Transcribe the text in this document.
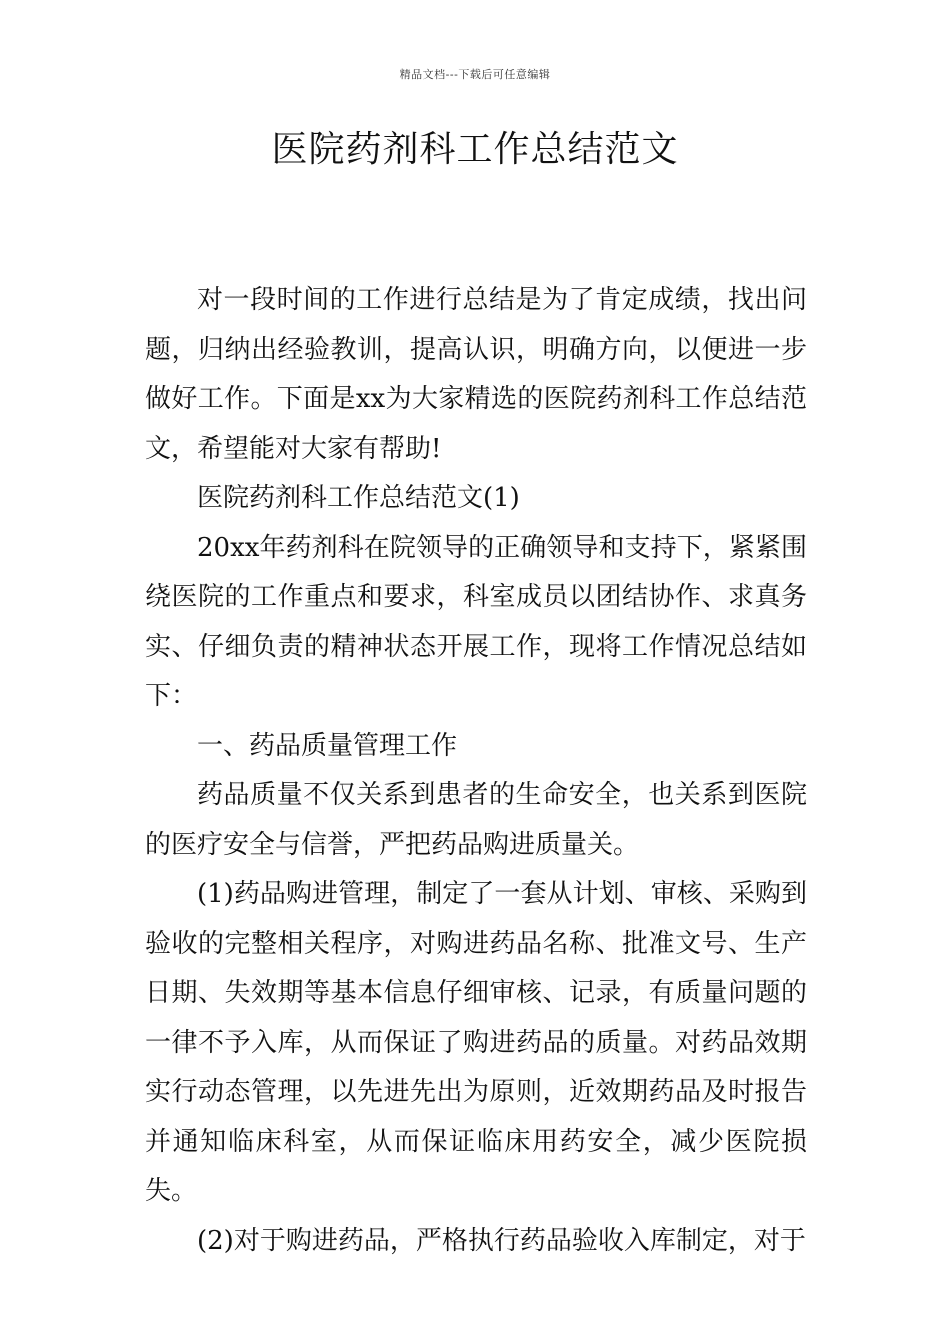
精品文档---下载后可任意编辑
医院药剂科工作总结范文

对一段时间的工作进行总结是为了肯定成绩，找出问题，归纳出经验教训，提高认识，明确方向，以便进一步做好工作。下面是xx为大家精选的医院药剂科工作总结范文，希望能对大家有帮助!

医院药剂科工作总结范文(1)

20xx年药剂科在院领导的正确领导和支持下，紧紧围绕医院的工作重点和要求，科室成员以团结协作、求真务实、仔细负责的精神状态开展工作，现将工作情况总结如下：

一、药品质量管理工作

药品质量不仅关系到患者的生命安全，也关系到医院的医疗安全与信誉，严把药品购进质量关。

(1)药品购进管理，制定了一套从计划、审核、采购到验收的完整相关程序，对购进药品名称、批准文号、生产日期、失效期等基本信息仔细审核、记录，有质量问题的一律不予入库，从而保证了购进药品的质量。对药品效期实行动态管理，以先进先出为原则，近效期药品及时报告并通知临床科室，从而保证临床用药安全，减少医院损失。

(2)对于购进药品，严格执行药品验收入库制定，对于
